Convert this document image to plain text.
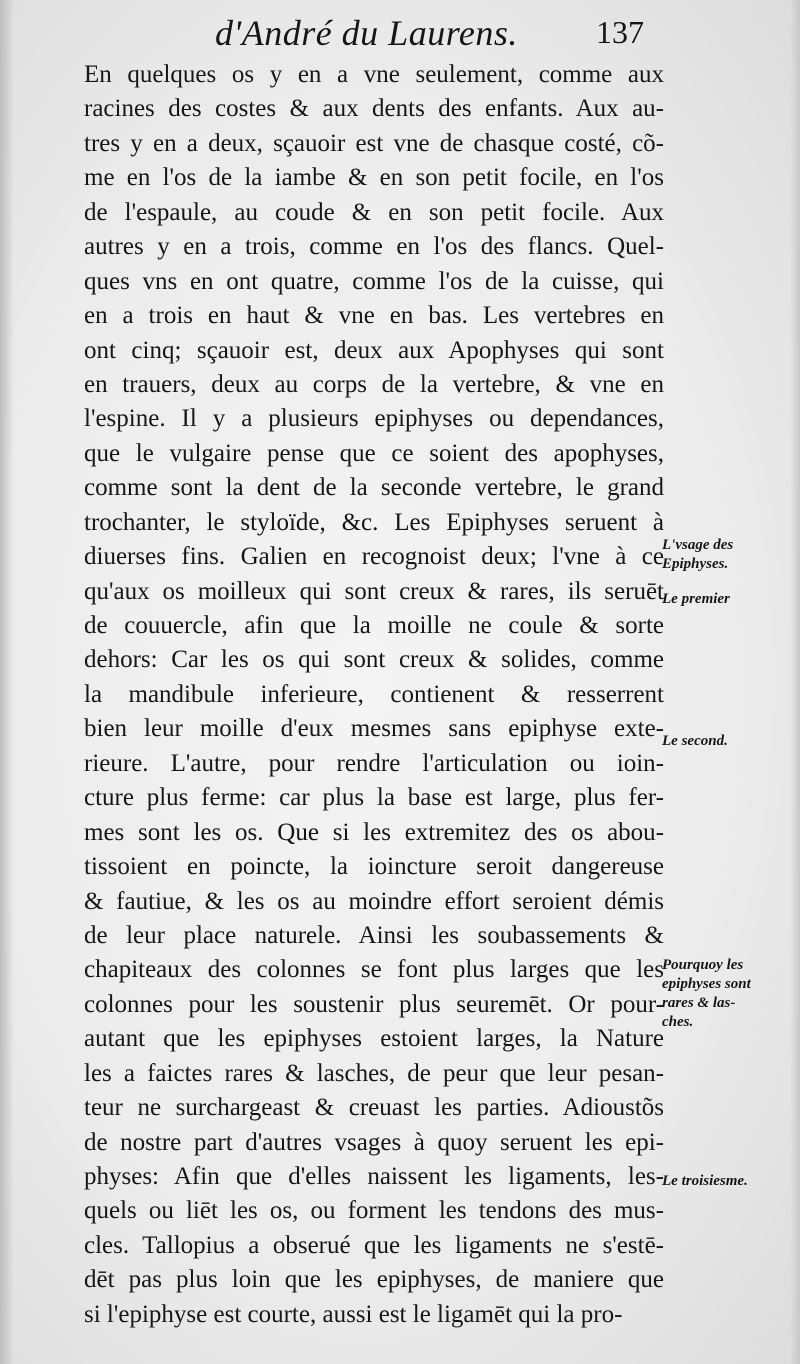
d'André du Laurens. 137
En quelques os y en a vne seulement, comme aux
racines des costes & aux dents des enfants. Aux au-
tres y en a deux, sçauoir est vne de chasque costé, cõ-
me en l'os de la iambe & en son petit focile, en l'os
de l'espaule, au coude & en son petit focile. Aux
autres y en a trois, comme en l'os des flancs. Quel-
ques vns en ont quatre, comme l'os de la cuisse, qui
en a trois en haut & vne en bas. Les vertebres en
ont cinq; sçauoir est, deux aux Apophyses qui sont
en trauers, deux au corps de la vertebre, & vne en
l'espine. Il y a plusieurs epiphyses ou dependances,
que le vulgaire pense que ce soient des apophyses,
comme sont la dent de la seconde vertebre, le grand
trochanter, le styloïde, &c. Les Epiphyses seruent à
diuerses fins. Galien en recognoist deux; l'vne à ce
qu'aux os moilleux qui sont creux & rares, ils seruēt
de couuercle, afin que la moille ne coule & sorte
dehors: Car les os qui sont creux & solides, comme
la mandibule inferieure, contienent & resserrent
bien leur moille d'eux mesmes sans epiphyse exte-
rieure. L'autre, pour rendre l'articulation ou ioin-
cture plus ferme: car plus la base est large, plus fer-
mes sont les os. Que si les extremitez des os abou-
tissoient en poincte, la ioincture seroit dangereuse
& fautiue, & les os au moindre effort seroient démis
de leur place naturele. Ainsi les soubassements &
chapiteaux des colonnes se font plus larges que les
colonnes pour les soustenir plus seuremēt. Or pour-
autant que les epiphyses estoient larges, la Nature
les a faictes rares & lasches, de peur que leur pesan-
teur ne surchargeast & creuast les parties. Adioustõs
de nostre part d'autres vsages à quoy seruent les epi-
physes: Afin que d'elles naissent les ligaments, les-
quels ou liēt les os, ou forment les tendons des mus-
cles. Tallopius a obserué que les ligaments ne s'estē-
dēt pas plus loin que les epiphyses, de maniere que
si l'epiphyse est courte, aussi est le ligamēt qui la pro-
L'vsage des
Epiphyses.
Le premier
Le second.
Pourquoy les
epiphyses sont
rares & las-
ches.
Le troisiesme.
